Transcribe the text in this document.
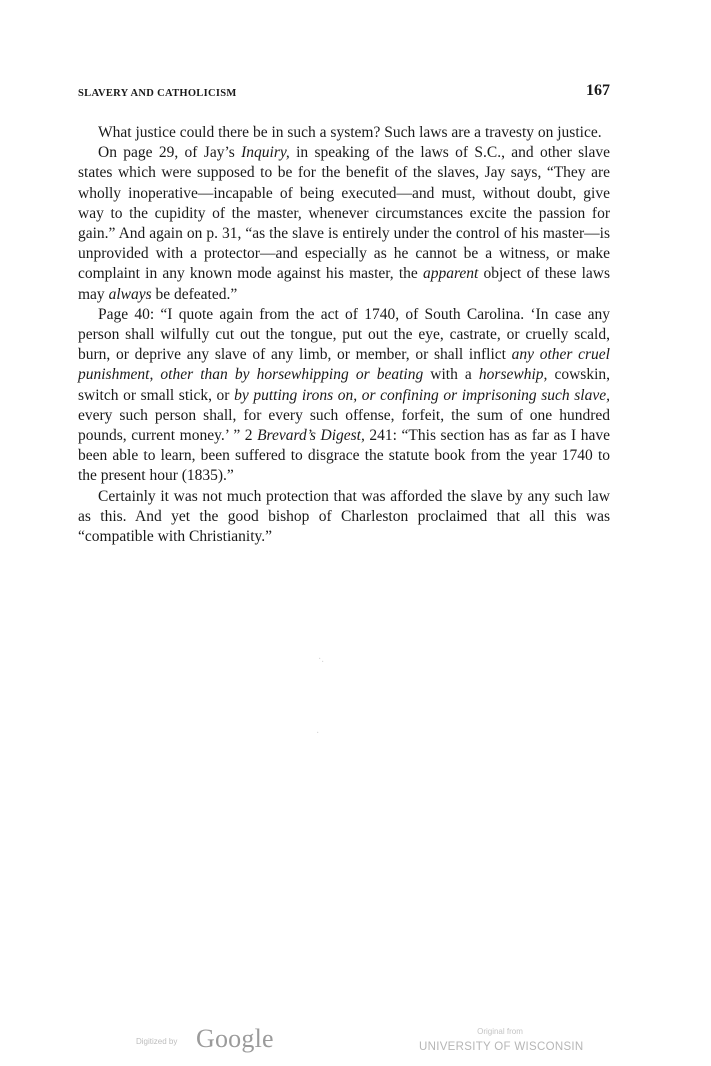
SLAVERY AND CATHOLICISM	167

What justice could there be in such a system? Such laws are a travesty on justice.

On page 29, of Jay’s Inquiry, in speaking of the laws of S.C., and other slave states which were supposed to be for the benefit of the slaves, Jay says, “They are wholly inoperative—incapable of being executed—and must, without doubt, give way to the cupidity of the master, whenever circumstances excite the passion for gain.” And again on p. 31, “as the slave is entirely under the control of his master—is unprovided with a protector—and especially as he cannot be a witness, or make complaint in any known mode against his master, the apparent object of these laws may always be defeated.”

Page 40: “I quote again from the act of 1740, of South Carolina. ‘In case any person shall wilfully cut out the tongue, put out the eye, castrate, or cruelly scald, burn, or deprive any slave of any limb, or member, or shall inflict any other cruel punishment, other than by horsewhipping or beating with a horsewhip, cowskin, switch or small stick, or by putting irons on, or confining or imprisoning such slave, every such person shall, for every such offense, forfeit, the sum of one hundred pounds, current money.’ ” 2 Brevard’s Digest, 241: “This section has as far as I have been able to learn, been suffered to disgrace the statute book from the year 1740 to the present hour (1835).”

Certainly it was not much protection that was afforded the slave by any such law as this. And yet the good bishop of Charleston proclaimed that all this was “compatible with Christianity.”

·.
·
Digitized by Google	Original from
UNIVERSITY OF WISCONSIN
